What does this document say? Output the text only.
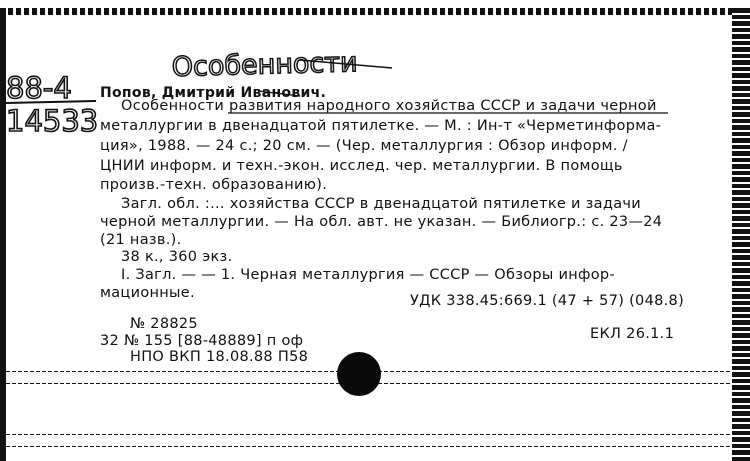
Особенности
88-4
14533
Попов, Дмитрий Иванович.
Особенности развития народного хозяйства СССР и задачи черной
металлургии в двенадцатой пятилетке. — М. : Ин-т «Черметинформа-
ция», 1988. — 24 с.; 20 см. — (Чер. металлургия : Обзор информ. /
ЦНИИ информ. и техн.-экон. исслед. чер. металлургии. В помощь
произв.-техн. образованию).
Загл. обл. :... хозяйства СССР в двенадцатой пятилетке и задачи
черной металлургии. — На обл. авт. не указан. — Библиогр.: с. 23—24
(21 назв.).
38 к., 360 экз.
I. Загл. — — 1. Черная металлургия — СССР — Обзоры инфор-
мационные.	УДК 338.45:669.1 (47 + 57) (048.8)
№ 28825
32 № 155 [88-48889] п оф	ЕКЛ 26.1.1
НПО ВКП 18.08.88 П58
